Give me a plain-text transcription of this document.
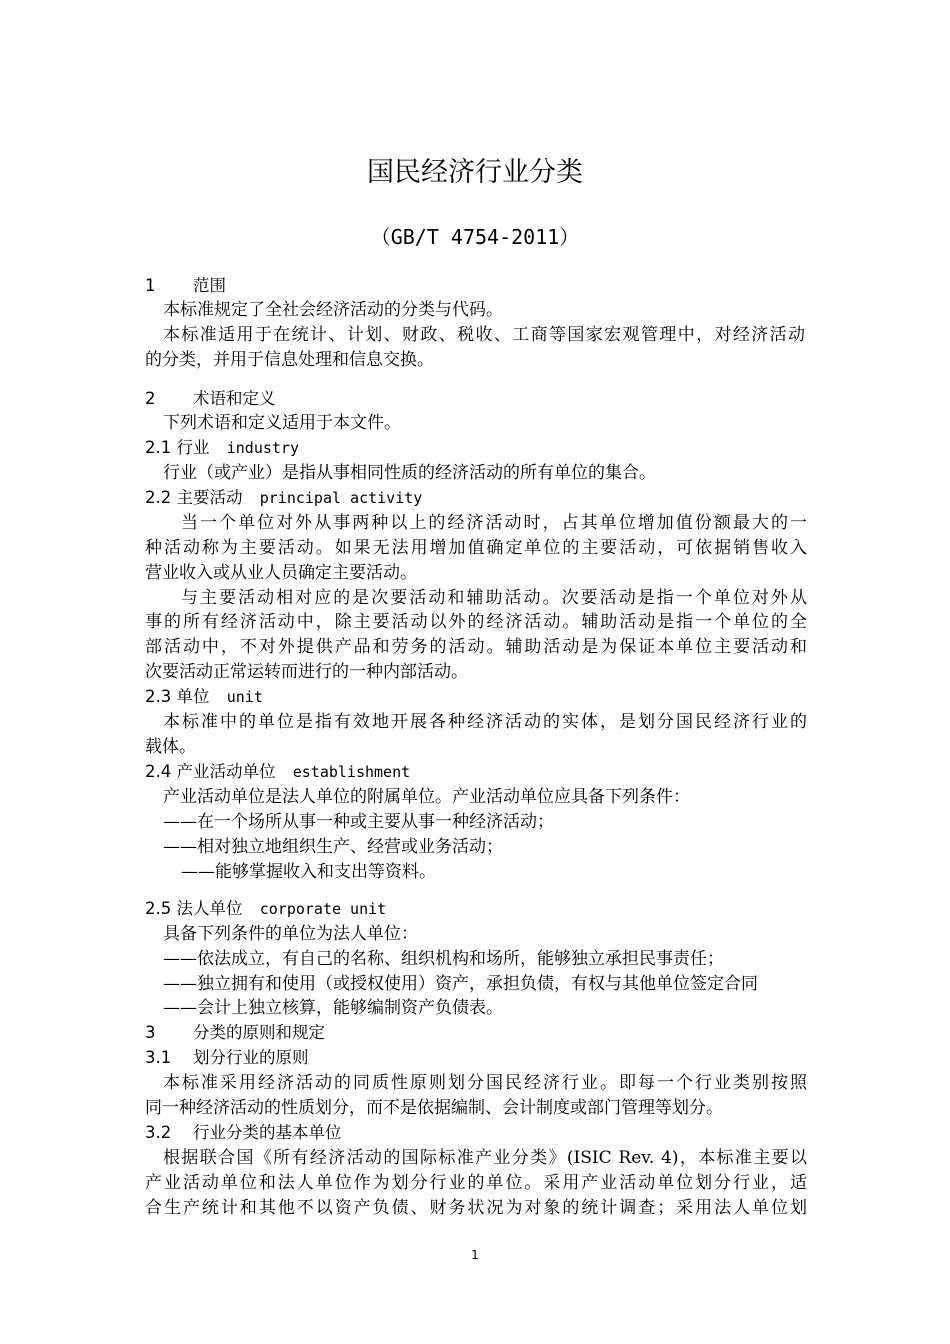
国民经济行业分类
（GB/T 4754-2011）
1 范围
本标准规定了全社会经济活动的分类与代码。
本标准适用于在统计、计划、财政、税收、工商等国家宏观管理中，对经济活动
的分类，并用于信息处理和信息交换。
2 术语和定义
下列术语和定义适用于本文件。
2.1 行业 industry
行业（或产业）是指从事相同性质的经济活动的所有单位的集合。
2.2 主要活动 principal activity
当一个单位对外从事两种以上的经济活动时，占其单位增加值份额最大的一
种活动称为主要活动。如果无法用增加值确定单位的主要活动，可依据销售收入
营业收入或从业人员确定主要活动。
与主要活动相对应的是次要活动和辅助活动。次要活动是指一个单位对外从
事的所有经济活动中，除主要活动以外的经济活动。辅助活动是指一个单位的全
部活动中，不对外提供产品和劳务的活动。辅助活动是为保证本单位主要活动和
次要活动正常运转而进行的一种内部活动。
2.3 单位 unit
本标准中的单位是指有效地开展各种经济活动的实体，是划分国民经济行业的
载体。
2.4 产业活动单位 establishment
产业活动单位是法人单位的附属单位。产业活动单位应具备下列条件：
——在一个场所从事一种或主要从事一种经济活动；
——相对独立地组织生产、经营或业务活动；
——能够掌握收入和支出等资料。
2.5 法人单位 corporate unit
具备下列条件的单位为法人单位：
——依法成立，有自己的名称、组织机构和场所，能够独立承担民事责任；
——独立拥有和使用（或授权使用）资产，承担负债，有权与其他单位签定合同
——会计上独立核算，能够编制资产负债表。
3 分类的原则和规定
3.1 划分行业的原则
本标准采用经济活动的同质性原则划分国民经济行业。即每一个行业类别按照
同一种经济活动的性质划分，而不是依据编制、会计制度或部门管理等划分。
3.2 行业分类的基本单位
根据联合国《所有经济活动的国际标准产业分类》(ISIC Rev. 4)，本标准主要以
产业活动单位和法人单位作为划分行业的单位。采用产业活动单位划分行业，适
合生产统计和其他不以资产负债、财务状况为对象的统计调查；采用法人单位划
1
